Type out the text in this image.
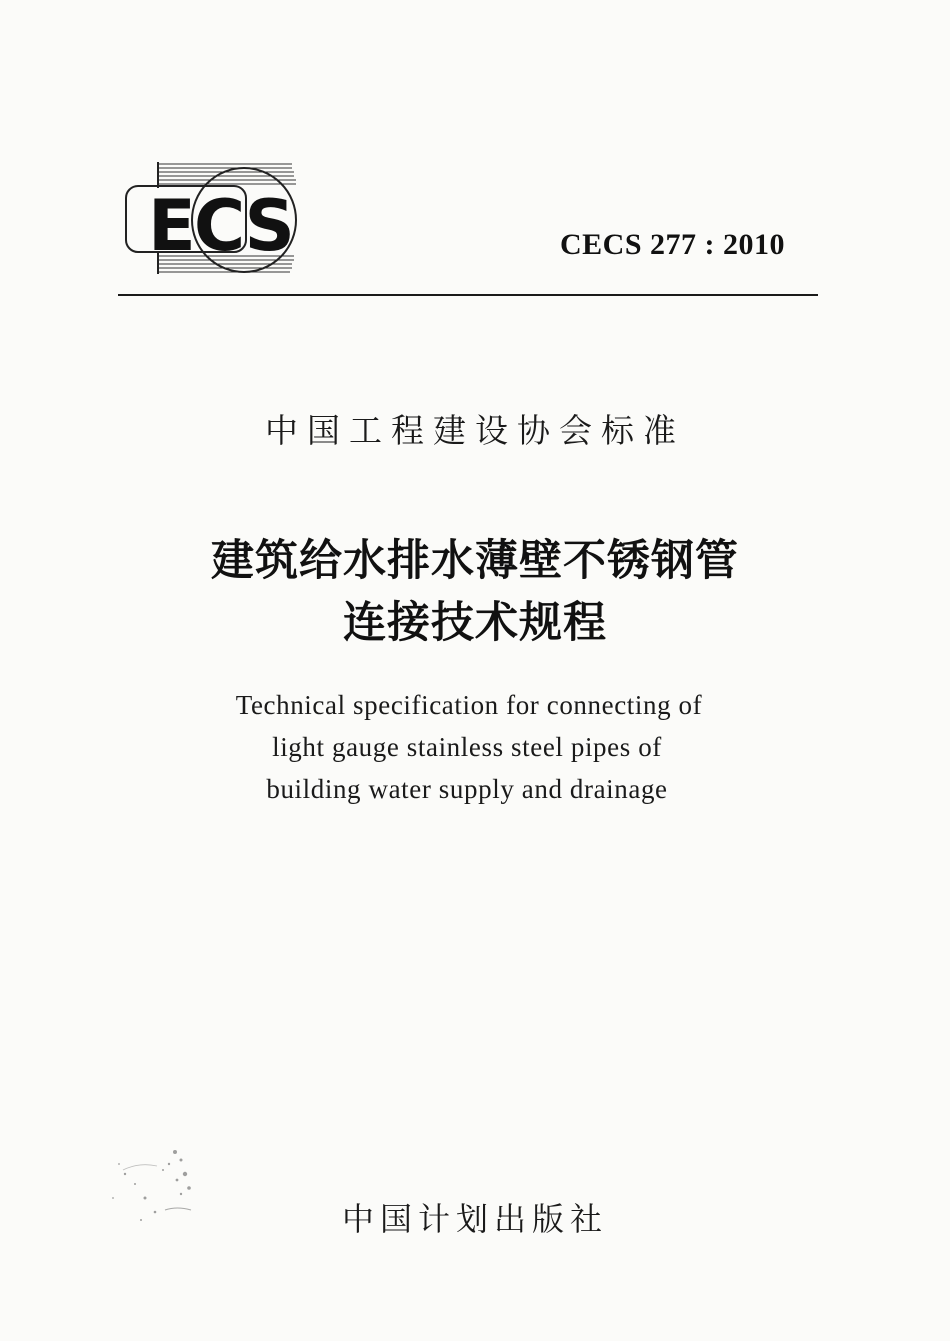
ECS	CECS 277 : 2010
中国工程建设协会标准
建筑给水排水薄壁不锈钢管
连接技术规程
Technical specification for connecting of
light gauge stainless steel pipes of
building water supply and drainage
中国计划出版社
